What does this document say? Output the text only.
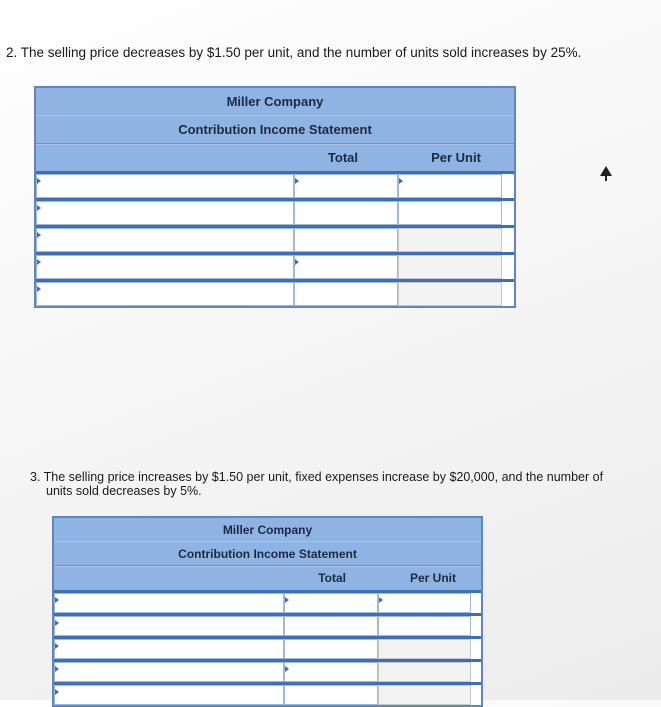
2. The selling price decreases by $1.50 per unit, and the number of units sold increases by 25%.
Miller Company
Contribution Income Statement
Total	Per Unit
3. The selling price increases by $1.50 per unit, fixed expenses increase by $20,000, and the number of
units sold decreases by 5%.
Miller Company
Contribution Income Statement
Total	Per Unit
